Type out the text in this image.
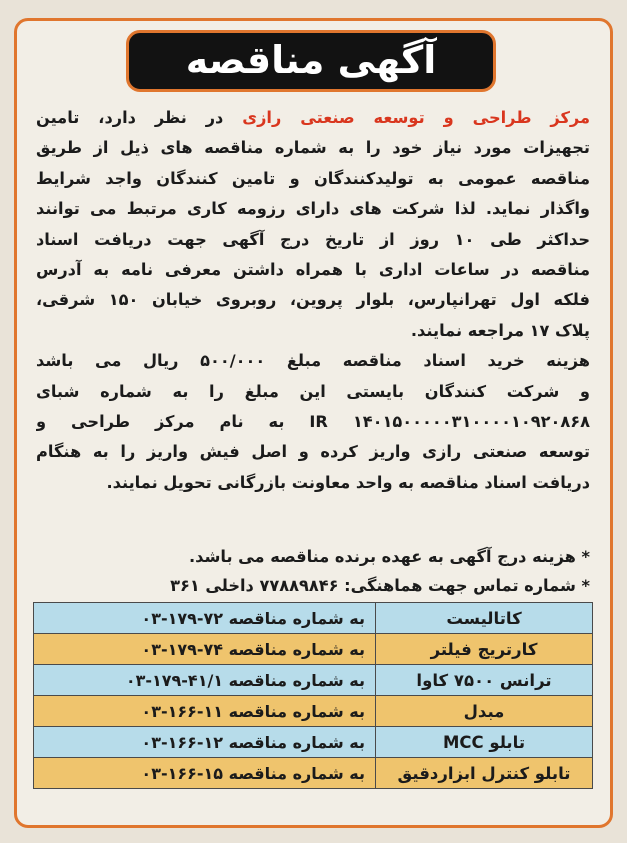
آگهی مناقصه
مرکز طراحی و توسعه صنعتی رازی در نظر دارد، تامین
تجهیزات مورد نیاز خود را به شماره مناقصه های ذیل از طریق
مناقصه عمومی به تولیدکنندگان و تامین کنندگان واجد شرایط
واگذار نماید. لذا شرکت های دارای رزومه کاری مرتبط می توانند
حداکثر طی ۱۰ روز از تاریخ درج آگهی جهت دریافت اسناد
مناقصه در ساعات اداری با همراه داشتن معرفی نامه به آدرس
فلکه اول تهرانپارس، بلوار پروین، روبروی خیابان ۱۵۰ شرقی،
پلاک ۱۷ مراجعه نمایند.
هزینه خرید اسناد مناقصه مبلغ ۵۰۰/۰۰۰ ریال می باشد
و شرکت کنندگان بایستی این مبلغ را به شماره شبای
IR ۱۴۰۱۵۰۰۰۰۰۳۱۰۰۰۰۱۰۹۲۰۸۶۸ به نام مرکز طراحی و
توسعه صنعتی رازی واریز کرده و اصل فیش واریز را به هنگام
دریافت اسناد مناقصه به واحد معاونت بازرگانی تحویل نمایند.
* هزینه درج آگهی به عهده برنده مناقصه می باشد.
* شماره تماس جهت هماهنگی: ۷۷۸۸۹۸۴۶ داخلی ۳۶۱
کاتالیست	به شماره مناقصه ۷۲-۱۷۹-۰۳
کارتریج فیلتر	به شماره مناقصه ۷۴-۱۷۹-۰۳
ترانس ۷۵۰۰ کاوا	به شماره مناقصه ۴۱/۱-۱۷۹-۰۳
مبدل	به شماره مناقصه ۱۱-۱۶۶-۰۳
تابلو MCC	به شماره مناقصه ۱۲-۱۶۶-۰۳
تابلو کنترل ابزاردقیق	به شماره مناقصه ۱۵-۱۶۶-۰۳
